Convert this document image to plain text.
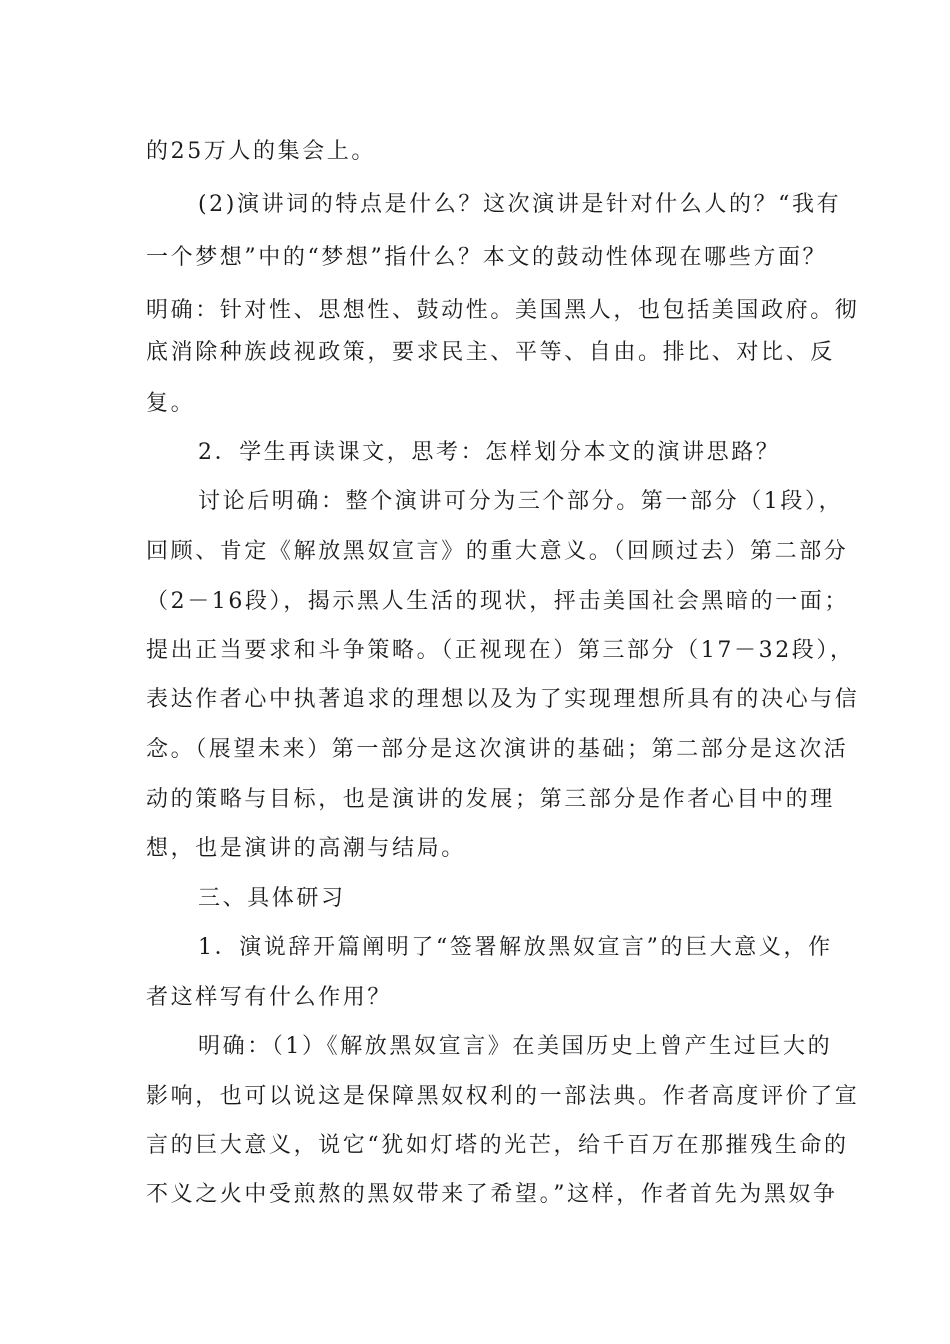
的25万人的集会上。
(2)演讲词的特点是什么？这次演讲是针对什么人的？“我有
一个梦想”中的“梦想”指什么？本文的鼓动性体现在哪些方面？
明确：针对性、思想性、鼓动性。美国黑人，也包括美国政府。彻
底消除种族歧视政策，要求民主、平等、自由。排比、对比、反
复。
2．学生再读课文，思考：怎样划分本文的演讲思路？
讨论后明确：整个演讲可分为三个部分。第一部分（1段），
回顾、肯定《解放黑奴宣言》的重大意义。（回顾过去）第二部分
（2－16段），揭示黑人生活的现状，抨击美国社会黑暗的一面；
提出正当要求和斗争策略。（正视现在）第三部分（17－32段），
表达作者心中执著追求的理想以及为了实现理想所具有的决心与信
念。（展望未来）第一部分是这次演讲的基础；第二部分是这次活
动的策略与目标，也是演讲的发展；第三部分是作者心目中的理
想，也是演讲的高潮与结局。
三、具体研习
1．演说辞开篇阐明了“签署解放黑奴宣言”的巨大意义，作
者这样写有什么作用？
明确：（1）《解放黑奴宣言》在美国历史上曾产生过巨大的
影响，也可以说这是保障黑奴权利的一部法典。作者高度评价了宣
言的巨大意义，说它“犹如灯塔的光芒，给千百万在那摧残生命的
不义之火中受煎熬的黑奴带来了希望。”这样，作者首先为黑奴争
